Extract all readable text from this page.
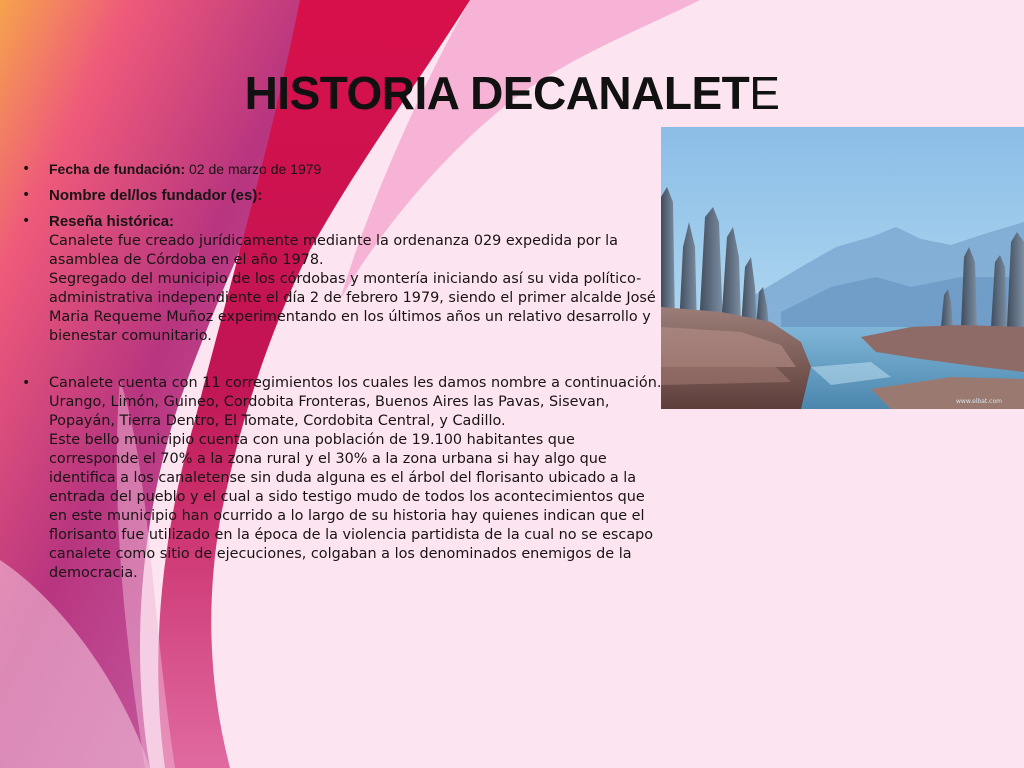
HISTORIA DECANALETE
• Fecha de fundación: 02 de marzo de 1979
• Nombre del/los fundador (es):
• Reseña histórica:
Canalete fue creado jurídicamente mediante la ordenanza 029 expedida por la asamblea de Córdoba en el año 1978.
Segregado del municipio de los córdobas y montería iniciando así su vida político-administrativa independiente el día 2 de febrero 1979, siendo el primer alcalde José Maria Requeme Muñoz experimentando en los últimos años un relativo desarrollo y bienestar comunitario.
• Canalete cuenta con 11 corregimientos los cuales les damos nombre a continuación.
Urango, Limón, Guineo, Cordobita Fronteras, Buenos Aires las Pavas, Sisevan, Popayán, Tierra Dentro, El Tomate, Cordobita Central, y Cadillo.
Este bello municipio cuenta con una población de 19.100 habitantes que corresponde el 70% a la zona rural y el 30% a la zona urbana si hay algo que identifica a los canaletense sin duda alguna es el árbol del florisanto ubicado a la entrada del pueblo y el cual a sido testigo mudo de todos los acontecimientos que en este municipio han ocurrido a lo largo de su historia hay quienes indican que el florisanto fue utilizado en la época de la violencia partidista de la cual no se escapo canalete como sitio de ejecuciones, colgaban a los denominados enemigos de la democracia.
www.elbat.com
